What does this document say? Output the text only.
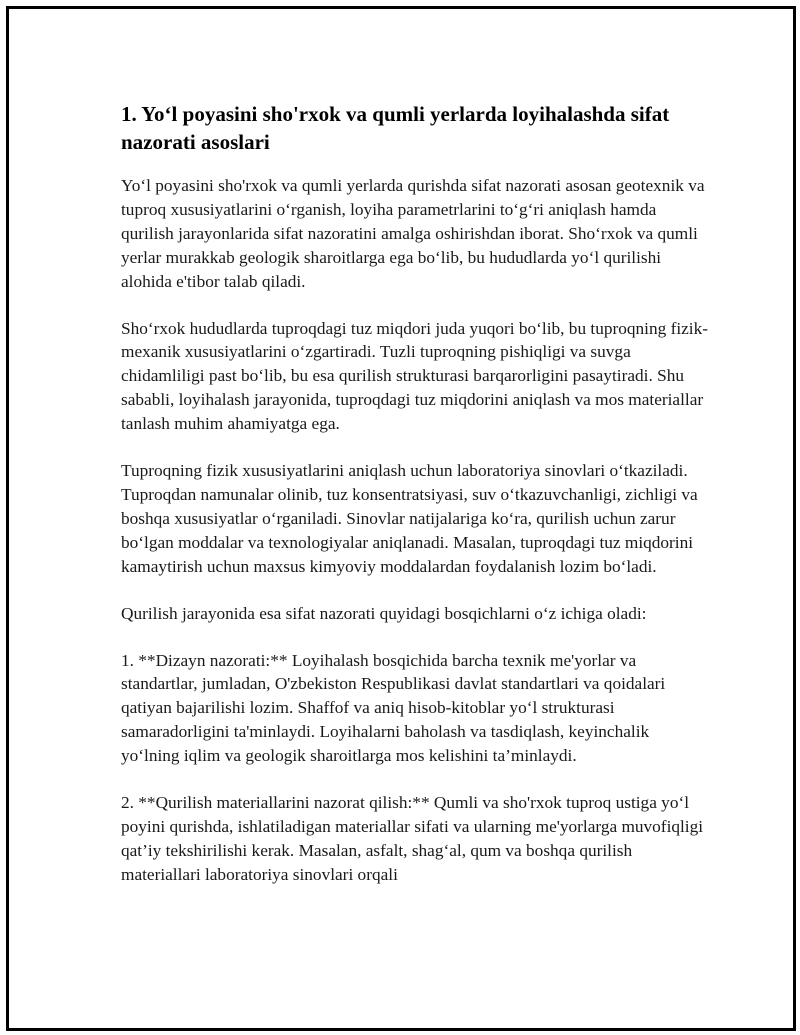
1. Yo‘l poyasini sho'rxok va qumli yerlarda loyihalashda sifat nazorati asoslari

Yo‘l poyasini sho'rxok va qumli yerlarda qurishda sifat nazorati asosan geotexnik va tuproq xususiyatlarini o‘rganish, loyiha parametrlarini to‘g‘ri aniqlash hamda qurilish jarayonlarida sifat nazoratini amalga oshirishdan iborat. Sho‘rxok va qumli yerlar murakkab geologik sharoitlarga ega bo‘lib, bu hududlarda yo‘l qurilishi alohida e'tibor talab qiladi.

Sho‘rxok hududlarda tuproqdagi tuz miqdori juda yuqori bo‘lib, bu tuproqning fizik-mexanik xususiyatlarini o‘zgartiradi. Tuzli tuproqning pishiqligi va suvga chidamliligi past bo‘lib, bu esa qurilish strukturasi barqarorligini pasaytiradi. Shu sababli, loyihalash jarayonida, tuproqdagi tuz miqdorini aniqlash va mos materiallar tanlash muhim ahamiyatga ega.

Tuproqning fizik xususiyatlarini aniqlash uchun laboratoriya sinovlari o‘tkaziladi. Tuproqdan namunalar olinib, tuz konsentratsiyasi, suv o‘tkazuvchanligi, zichligi va boshqa xususiyatlar o‘rganiladi. Sinovlar natijalariga ko‘ra, qurilish uchun zarur bo‘lgan moddalar va texnologiyalar aniqlanadi. Masalan, tuproqdagi tuz miqdorini kamaytirish uchun maxsus kimyoviy moddalardan foydalanish lozim bo‘ladi.

Qurilish jarayonida esa sifat nazorati quyidagi bosqichlarni o‘z ichiga oladi:

1. **Dizayn nazorati:** Loyihalash bosqichida barcha texnik me'yorlar va standartlar, jumladan, O'zbekiston Respublikasi davlat standartlari va qoidalari qatiyan bajarilishi lozim. Shaffof va aniq hisob-kitoblar yo‘l strukturasi samaradorligini ta'minlaydi. Loyihalarni baholash va tasdiqlash, keyinchalik yo‘lning iqlim va geologik sharoitlarga mos kelishini ta’minlaydi.

2. **Qurilish materiallarini nazorat qilish:** Qumli va sho'rxok tuproq ustiga yo‘l poyini qurishda, ishlatiladigan materiallar sifati va ularning me'yorlarga muvofiqligi qat’iy tekshirilishi kerak. Masalan, asfalt, shag‘al, qum va boshqa qurilish materiallari laboratoriya sinovlari orqali
